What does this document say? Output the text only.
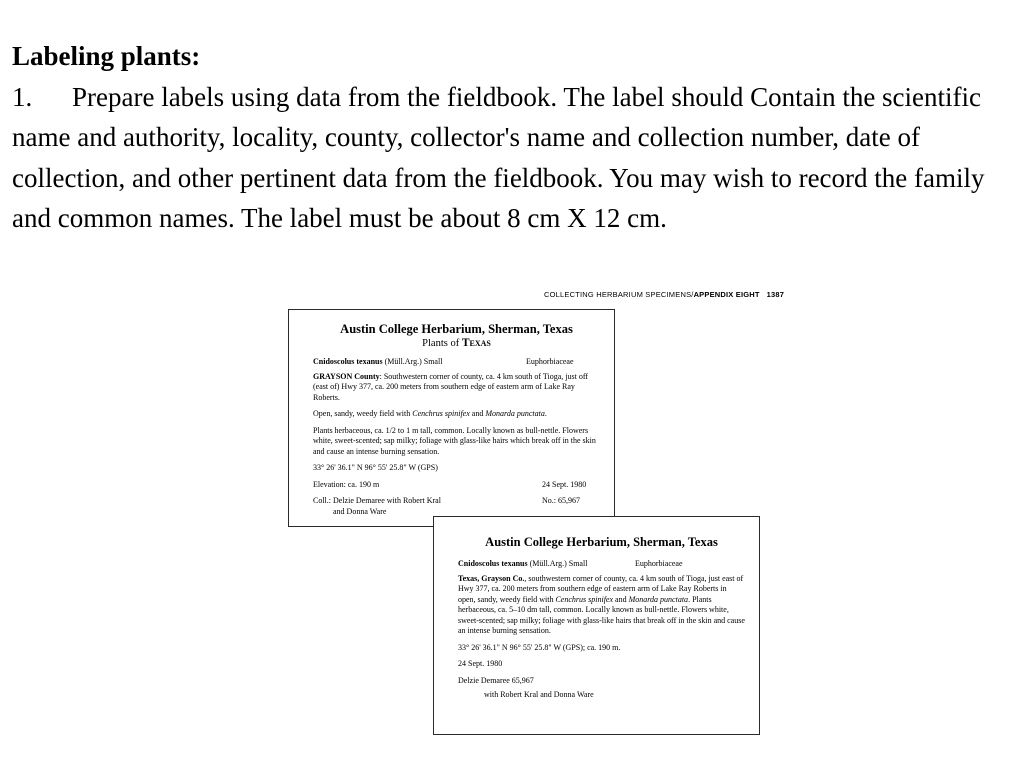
Labeling plants:

1. Prepare labels using data from the fieldbook. The label should Contain the scientific name and authority, locality, county, collector's name and collection number, date of collection, and other pertinent data from the fieldbook. You may wish to record the family and common names. The label must be about 8 cm X 12 cm.

COLLECTING HERBARIUM SPECIMENS/APPENDIX EIGHT 1387
Austin College Herbarium, Sherman, Texas
Plants of Texas
Cnidoscolus texanus (Müll.Arg.) Small	Euphorbiaceae
GRAYSON County: Southwestern corner of county, ca. 4 km south of Tioga, just off (east of) Hwy 377, ca. 200 meters from southern edge of eastern arm of Lake Ray Roberts.
Open, sandy, weedy field with Cenchrus spinifex and Monarda punctata.
Plants herbaceous, ca. 1/2 to 1 m tall, common. Locally known as bull-nettle. Flowers white, sweet-scented; sap milky; foliage with glass-like hairs which break off in the skin and cause an intense burning sensation.
33° 26' 36.1" N 96° 55' 25.8" W (GPS)
Elevation: ca. 190 m	24 Sept. 1980
Coll.: Delzie Demaree with Robert Kral
and Donna Ware
No.: 65,967
Austin College Herbarium, Sherman, Texas
Cnidoscolus texanus (Müll.Arg.) Small	Euphorbiaceae
Texas, Grayson Co., southwestern corner of county, ca. 4 km south of Tioga, just east of Hwy 377, ca. 200 meters from southern edge of eastern arm of Lake Ray Roberts in open, sandy, weedy field with Cenchrus spinifex and Monarda punctata. Plants herbaceous, ca. 5–10 dm tall, common. Locally known as bull-nettle. Flowers white, sweet-scented; sap milky; foliage with glass-like hairs that break off in the skin and cause an intense burning sensation.
33° 26' 36.1" N 96° 55' 25.8" W (GPS); ca. 190 m.
24 Sept. 1980
Delzie Demaree 65,967
with Robert Kral and Donna Ware
